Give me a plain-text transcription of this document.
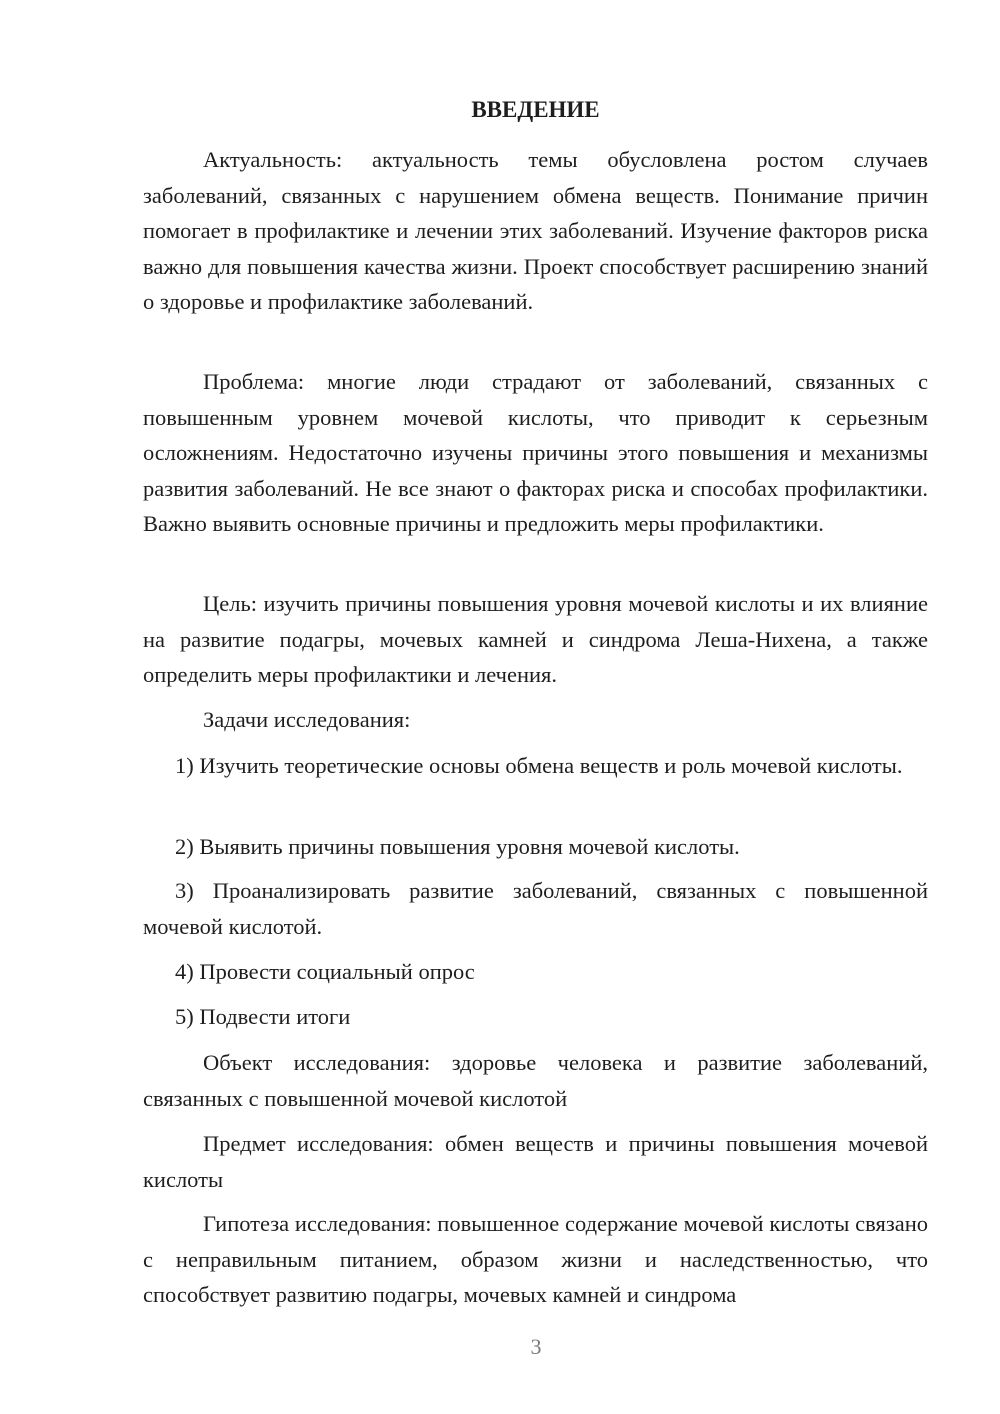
ВВЕДЕНИЕ

Актуальность: актуальность темы обусловлена ростом случаев заболеваний, связанных с нарушением обмена веществ. Понимание причин помогает в профилактике и лечении этих заболеваний. Изучение факторов риска важно для повышения качества жизни. Проект способствует расширению знаний о здоровье и профилактике заболеваний.

Проблема: многие люди страдают от заболеваний, связанных с повышенным уровнем мочевой кислоты, что приводит к серьезным осложнениям. Недостаточно изучены причины этого повышения и механизмы развития заболеваний. Не все знают о факторах риска и способах профилактики. Важно выявить основные причины и предложить меры профилактики.

Цель: изучить причины повышения уровня мочевой кислоты и их влияние на развитие подагры, мочевых камней и синдрома Леша-Нихена, а также определить меры профилактики и лечения.

Задачи исследования:

1) Изучить теоретические основы обмена веществ и роль мочевой кислоты.

2) Выявить причины повышения уровня мочевой кислоты.

3) Проанализировать развитие заболеваний, связанных с повышенной мочевой кислотой.

4) Провести социальный опрос

5) Подвести итоги

Объект исследования: здоровье человека и развитие заболеваний, связанных с повышенной мочевой кислотой

Предмет исследования: обмен веществ и причины повышения мочевой кислоты

Гипотеза исследования: повышенное содержание мочевой кислоты связано с неправильным питанием, образом жизни и наследственностью, что способствует развитию подагры, мочевых камней и синдрома

3
